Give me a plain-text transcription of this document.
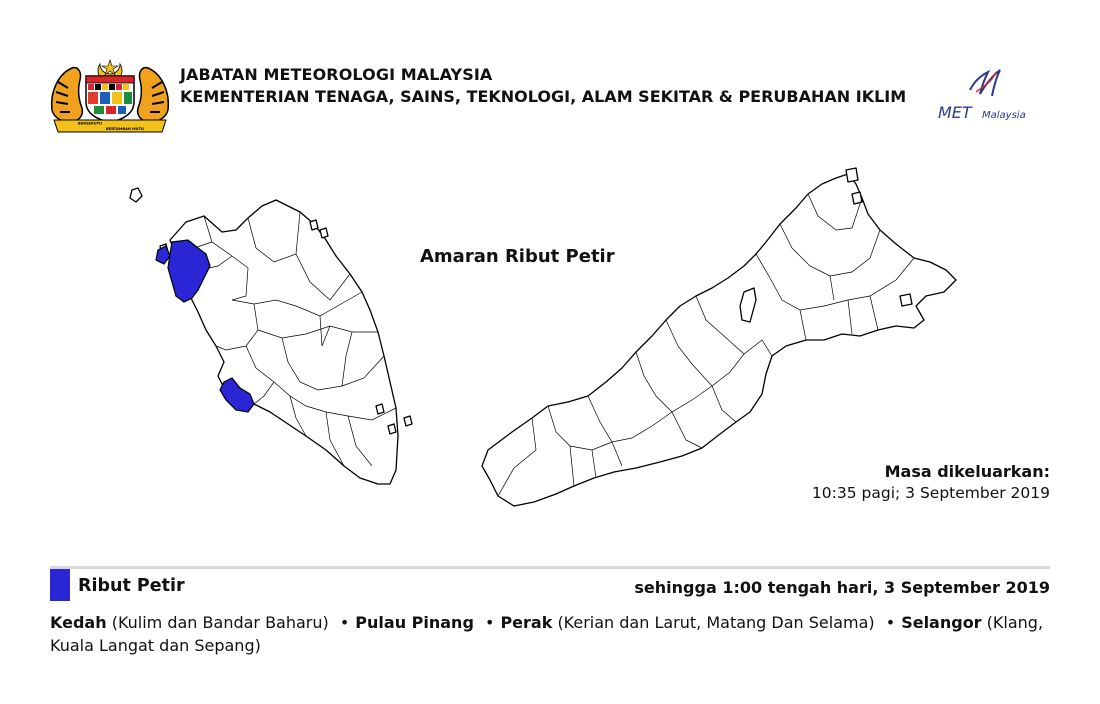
BERSEKUTU
BERTAMBAH MUTU
JABATAN METEOROLOGI MALAYSIA
KEMENTERIAN TENAGA, SAINS, TEKNOLOGI, ALAM SEKITAR & PERUBAHAN IKLIM
MET Malaysia
Amaran Ribut Petir
Masa dikeluarkan:
10:35 pagi; 3 September 2019
Ribut Petir	sehingga 1:00 tengah hari, 3 September 2019
Kedah (Kulim dan Bandar Baharu) • Pulau Pinang • Perak (Kerian dan Larut, Matang Dan Selama) • Selangor (Klang, Kuala Langat dan Sepang)
